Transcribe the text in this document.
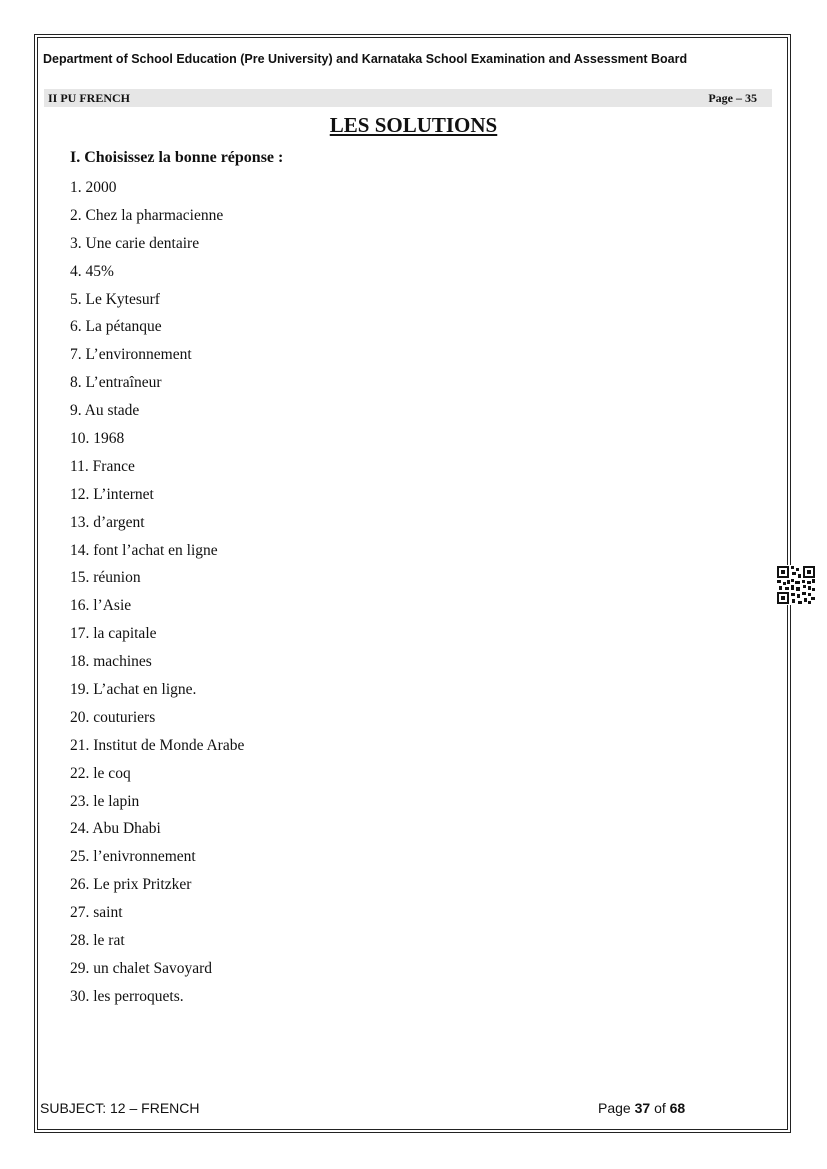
Department of School Education (Pre University) and Karnataka School Examination and Assessment Board
II PU FRENCH	Page – 35
LES SOLUTIONS
I. Choisissez la bonne réponse :
1. 2000
2. Chez la pharmacienne
3. Une carie dentaire
4. 45%
5. Le Kytesurf
6. La pétanque
7. L’environnement
8. L’entraîneur
9. Au stade
10. 1968
11. France
12. L’internet
13. d’argent
14. font l’achat en ligne
15. réunion
16. l’Asie
17. la capitale
18. machines
19. L’achat en ligne.
20. couturiers
21. Institut de Monde Arabe
22. le coq
23. le lapin
24. Abu Dhabi
25. l’enivronnement
26. Le prix Pritzker
27. saint
28. le rat
29. un chalet Savoyard
30. les perroquets.
SUBJECT: 12 – FRENCH	Page 37 of 68
